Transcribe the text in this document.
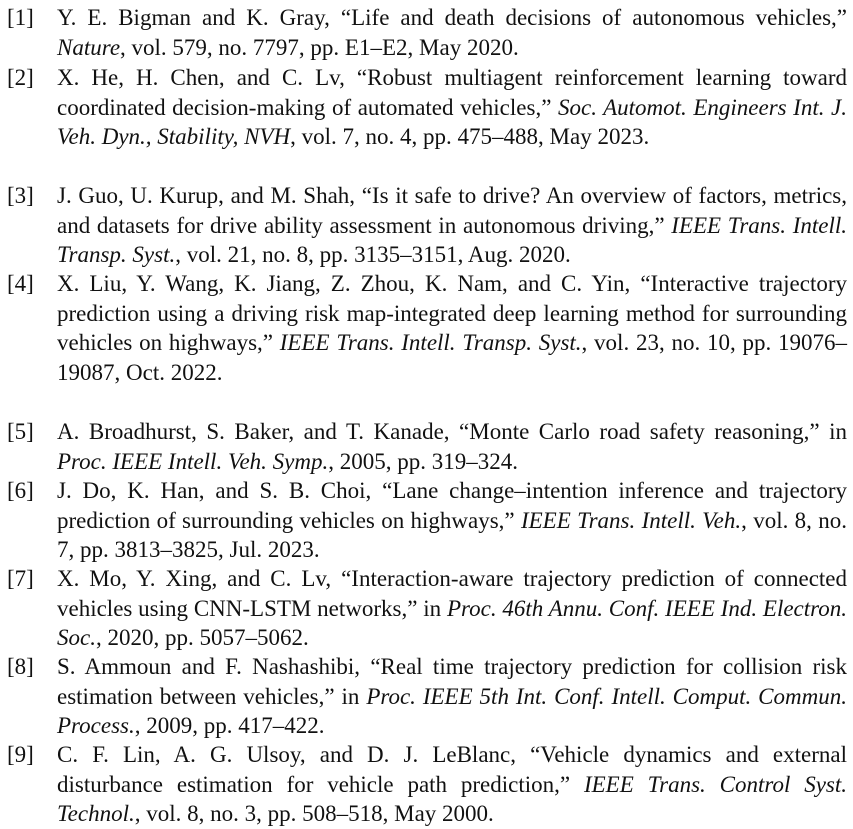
[1] Y. E. Bigman and K. Gray, “Life and death decisions of autonomous vehicles,” Nature, vol. 579, no. 7797, pp. E1–E2, May 2020.
[2] X. He, H. Chen, and C. Lv, “Robust multiagent reinforcement learning toward coordinated decision-making of automated vehicles,” Soc. Automot. Engineers Int. J. Veh. Dyn., Stability, NVH, vol. 7, no. 4, pp. 475–488, May 2023.
[3] J. Guo, U. Kurup, and M. Shah, “Is it safe to drive? An overview of factors, metrics, and datasets for drive ability assessment in autonomous driving,” IEEE Trans. Intell. Transp. Syst., vol. 21, no. 8, pp. 3135–3151, Aug. 2020.
[4] X. Liu, Y. Wang, K. Jiang, Z. Zhou, K. Nam, and C. Yin, “Interactive trajectory prediction using a driving risk map-integrated deep learning method for surrounding vehicles on highways,” IEEE Trans. Intell. Transp. Syst., vol. 23, no. 10, pp. 19076–19087, Oct. 2022.
[5] A. Broadhurst, S. Baker, and T. Kanade, “Monte Carlo road safety reasoning,” in Proc. IEEE Intell. Veh. Symp., 2005, pp. 319–324.
[6] J. Do, K. Han, and S. B. Choi, “Lane change–intention inference and trajectory prediction of surrounding vehicles on highways,” IEEE Trans. Intell. Veh., vol. 8, no. 7, pp. 3813–3825, Jul. 2023.
[7] X. Mo, Y. Xing, and C. Lv, “Interaction-aware trajectory prediction of connected vehicles using CNN-LSTM networks,” in Proc. 46th Annu. Conf. IEEE Ind. Electron. Soc., 2020, pp. 5057–5062.
[8] S. Ammoun and F. Nashashibi, “Real time trajectory prediction for collision risk estimation between vehicles,” in Proc. IEEE 5th Int. Conf. Intell. Comput. Commun. Process., 2009, pp. 417–422.
[9] C. F. Lin, A. G. Ulsoy, and D. J. LeBlanc, “Vehicle dynamics and external disturbance estimation for vehicle path prediction,” IEEE Trans. Control Syst. Technol., vol. 8, no. 3, pp. 508–518, May 2000.
